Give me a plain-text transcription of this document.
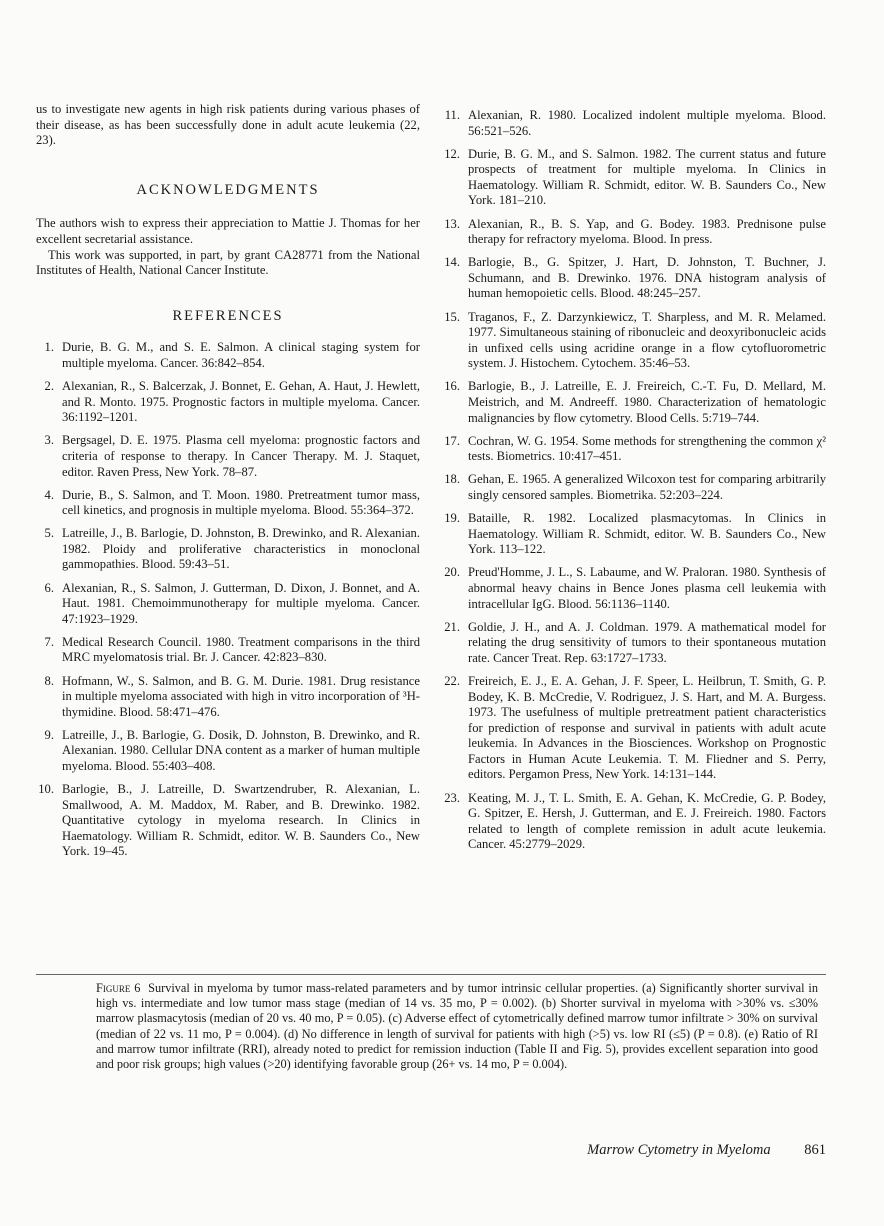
us to investigate new agents in high risk patients during various phases of their disease, as has been successfully done in adult acute leukemia (22, 23).

ACKNOWLEDGMENTS

The authors wish to express their appreciation to Mattie J. Thomas for her excellent secretarial assistance.

This work was supported, in part, by grant CA28771 from the National Institutes of Health, National Cancer Institute.

REFERENCES
1. Durie, B. G. M., and S. E. Salmon. A clinical staging system for multiple myeloma. Cancer. 36:842–854.
2. Alexanian, R., S. Balcerzak, J. Bonnet, E. Gehan, A. Haut, J. Hewlett, and R. Monto. 1975. Prognostic factors in multiple myeloma. Cancer. 36:1192–1201.
3. Bergsagel, D. E. 1975. Plasma cell myeloma: prognostic factors and criteria of response to therapy. In Cancer Therapy. M. J. Staquet, editor. Raven Press, New York. 78–87.
4. Durie, B., S. Salmon, and T. Moon. 1980. Pretreatment tumor mass, cell kinetics, and prognosis in multiple myeloma. Blood. 55:364–372.
5. Latreille, J., B. Barlogie, D. Johnston, B. Drewinko, and R. Alexanian. 1982. Ploidy and proliferative characteristics in monoclonal gammopathies. Blood. 59:43–51.
6. Alexanian, R., S. Salmon, J. Gutterman, D. Dixon, J. Bonnet, and A. Haut. 1981. Chemoimmunotherapy for multiple myeloma. Cancer. 47:1923–1929.
7. Medical Research Council. 1980. Treatment comparisons in the third MRC myelomatosis trial. Br. J. Cancer. 42:823–830.
8. Hofmann, W., S. Salmon, and B. G. M. Durie. 1981. Drug resistance in multiple myeloma associated with high in vitro incorporation of ³H-thymidine. Blood. 58:471–476.
9. Latreille, J., B. Barlogie, G. Dosik, D. Johnston, B. Drewinko, and R. Alexanian. 1980. Cellular DNA content as a marker of human multiple myeloma. Blood. 55:403–408.
10. Barlogie, B., J. Latreille, D. Swartzendruber, R. Alexanian, L. Smallwood, A. M. Maddox, M. Raber, and B. Drewinko. 1982. Quantitative cytology in myeloma research. In Clinics in Haematology. William R. Schmidt, editor. W. B. Saunders Co., New York. 19–45.
11. Alexanian, R. 1980. Localized indolent multiple myeloma. Blood. 56:521–526.
12. Durie, B. G. M., and S. Salmon. 1982. The current status and future prospects of treatment for multiple myeloma. In Clinics in Haematology. William R. Schmidt, editor. W. B. Saunders Co., New York. 181–210.
13. Alexanian, R., B. S. Yap, and G. Bodey. 1983. Prednisone pulse therapy for refractory myeloma. Blood. In press.
14. Barlogie, B., G. Spitzer, J. Hart, D. Johnston, T. Buchner, J. Schumann, and B. Drewinko. 1976. DNA histogram analysis of human hemopoietic cells. Blood. 48:245–257.
15. Traganos, F., Z. Darzynkiewicz, T. Sharpless, and M. R. Melamed. 1977. Simultaneous staining of ribonucleic and deoxyribonucleic acids in unfixed cells using acridine orange in a flow cytofluorometric system. J. Histochem. Cytochem. 35:46–53.
16. Barlogie, B., J. Latreille, E. J. Freireich, C.-T. Fu, D. Mellard, M. Meistrich, and M. Andreeff. 1980. Characterization of hematologic malignancies by flow cytometry. Blood Cells. 5:719–744.
17. Cochran, W. G. 1954. Some methods for strengthening the common χ² tests. Biometrics. 10:417–451.
18. Gehan, E. 1965. A generalized Wilcoxon test for comparing arbitrarily singly censored samples. Biometrika. 52:203–224.
19. Bataille, R. 1982. Localized plasmacytomas. In Clinics in Haematology. William R. Schmidt, editor. W. B. Saunders Co., New York. 113–122.
20. Preud'Homme, J. L., S. Labaume, and W. Praloran. 1980. Synthesis of abnormal heavy chains in Bence Jones plasma cell leukemia with intracellular IgG. Blood. 56:1136–1140.
21. Goldie, J. H., and A. J. Coldman. 1979. A mathematical model for relating the drug sensitivity of tumors to their spontaneous mutation rate. Cancer Treat. Rep. 63:1727–1733.
22. Freireich, E. J., E. A. Gehan, J. F. Speer, L. Heilbrun, T. Smith, G. P. Bodey, K. B. McCredie, V. Rodriguez, J. S. Hart, and M. A. Burgess. 1973. The usefulness of multiple pretreatment patient characteristics for prediction of response and survival in patients with adult acute leukemia. In Advances in the Biosciences. Workshop on Prognostic Factors in Human Acute Leukemia. T. M. Fliedner and S. Perry, editors. Pergamon Press, New York. 14:131–144.
23. Keating, M. J., T. L. Smith, E. A. Gehan, K. McCredie, G. P. Bodey, G. Spitzer, E. Hersh, J. Gutterman, and E. J. Freireich. 1980. Factors related to length of complete remission in adult acute leukemia. Cancer. 45:2779–2029.
Figure 6 Survival in myeloma by tumor mass-related parameters and by tumor intrinsic cellular properties. (a) Significantly shorter survival in high vs. intermediate and low tumor mass stage (median of 14 vs. 35 mo, P = 0.002). (b) Shorter survival in myeloma with >30% vs. ≤30% marrow plasmacytosis (median of 20 vs. 40 mo, P = 0.05). (c) Adverse effect of cytometrically defined marrow tumor infiltrate > 30% on survival (median of 22 vs. 11 mo, P = 0.004). (d) No difference in length of survival for patients with high (>5) vs. low RI (≤5) (P = 0.8). (e) Ratio of RI and marrow tumor infiltrate (RRI), already noted to predict for remission induction (Table II and Fig. 5), provides excellent separation into good and poor risk groups; high values (>20) identifying favorable group (26+ vs. 14 mo, P = 0.004).
Marrow Cytometry in Myeloma 861
